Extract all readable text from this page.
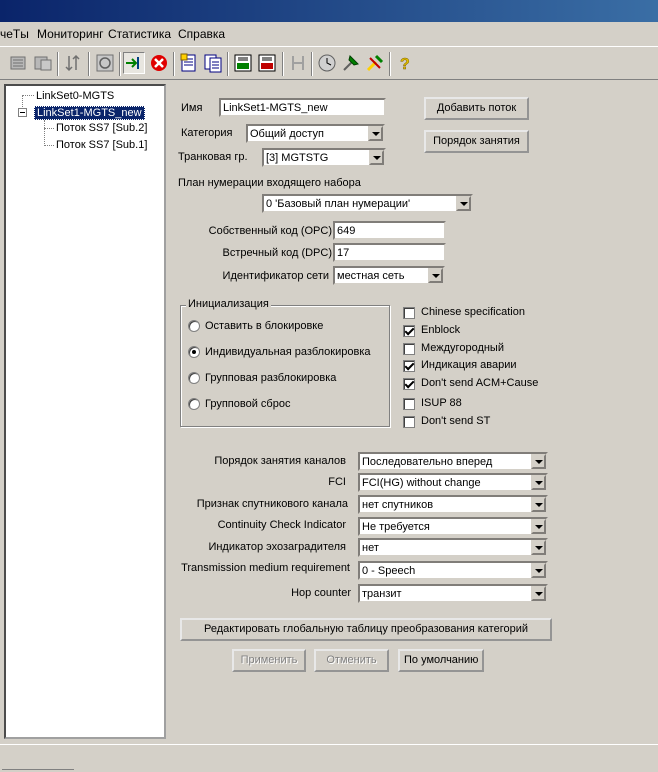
чеTы Мониторинг Статистика Справка
?
LinkSet0-MGTS
LinkSet1-MGTS_new
Поток SS7 [Sub.2]
Поток SS7 [Sub.1]
Имя	LinkSet1-MGTS_new
Категория	Общий доступ
Транковая гр.	[3] MGTSTG
Добавить поток
Порядок занятия
План нумерации входящего набора
0 'Базовый план нумерации'
Собственный код (OPC) 649
Встречный код (DPC) 17
Идентификатор сети местная сеть
Инициализация
Оставить в блокировке
Индивидуальная разблокировка
Групповая разблокировка
Групповой сброс
Chinese specification
Enblock
Междугородный
Индикация аварии
Don't send ACM+Cause
ISUP 88
Don't send ST
Порядок занятия каналов	Последовательно вперед
FCI	FCI(HG) without change
Признак спутникового канала	нет спутников
Continuity Check Indicator	Не требуется
Индикатор эхозаградителя	нет
Transmission medium requirement	0 - Speech
Hop counter	транзит
Редактировать глобальную таблицу преобразования категорий
Применить	Отменить	По умолчанию
